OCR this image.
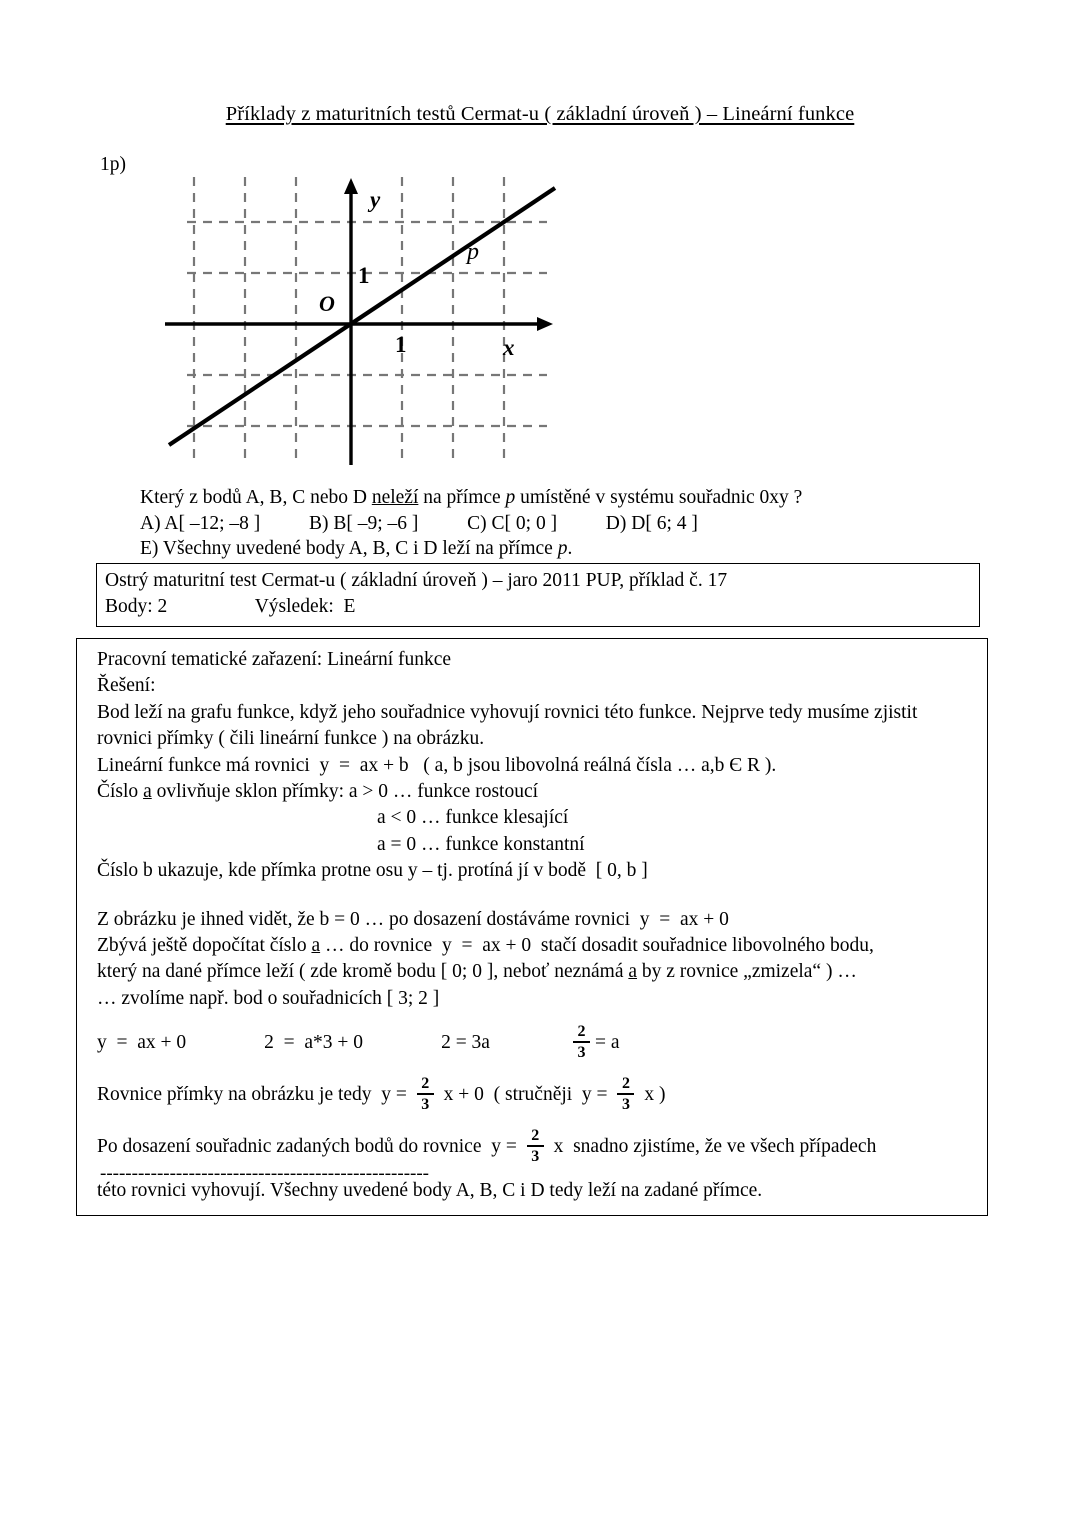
Příklady z maturitních testů Cermat-u ( základní úroveň ) – Lineární funkce
1p)
y
x
O
1
1
p
Který z bodů A, B, C nebo D neleží na přímce p umístěné v systému souřadnic 0xy ?
A) A[ –12; –8 ]          B) B[ –9; –6 ]          C) C[ 0; 0 ]          D) D[ 6; 4 ]
E) Všechny uvedené body A, B, C i D leží na přímce p.
Ostrý maturitní test Cermat-u ( základní úroveň ) – jaro 2011 PUP, příklad č. 17
Body: 2                  Výsledek:  E
Pracovní tematické zařazení: Lineární funkce
Řešení:
Bod leží na grafu funkce, když jeho souřadnice vyhovují rovnici této funkce. Nejprve tedy musíme zjistit rovnici přímky ( čili lineární funkce ) na obrázku.
Lineární funkce má rovnici  y  =  ax + b   ( a, b jsou libovolná reálná čísla … a,b Є R ).
Číslo a ovlivňuje sklon přímky: a > 0 … funkce rostoucí
a < 0 … funkce klesající
a = 0 … funkce konstantní
Číslo b ukazuje, kde přímka protne osu y – tj. protíná jí v bodě  [ 0, b ]
Z obrázku je ihned vidět, že b = 0 … po dosazení dostáváme rovnici  y  =  ax + 0
Zbývá ještě dopočítat číslo a … do rovnice  y  =  ax + 0  stačí dosadit souřadnice libovolného bodu,
který na dané přímce leží ( zde kromě bodu [ 0; 0 ], neboť neznámá a by z rovnice „zmizela“ ) …
… zvolíme např. bod o souřadnicích [ 3; 2 ]
y  =  ax + 0	2  =  a*3 + 0	2 = 3a	$\frac{2}{3} = a$
Rovnice přímky na obrázku je tedy  $y = \frac{2}{3}$ x + 0  ( stručněji  $y = \frac{2}{3}$ x )
Po dosazení souřadnic zadaných bodů do rovnice  $y = \frac{2}{3}$ x  snadno zjistíme, že ve všech případech
této rovnici vyhovují. Všechny uvedené body A, B, C i D tedy leží na zadané přímce.
----------------------------------------------------
